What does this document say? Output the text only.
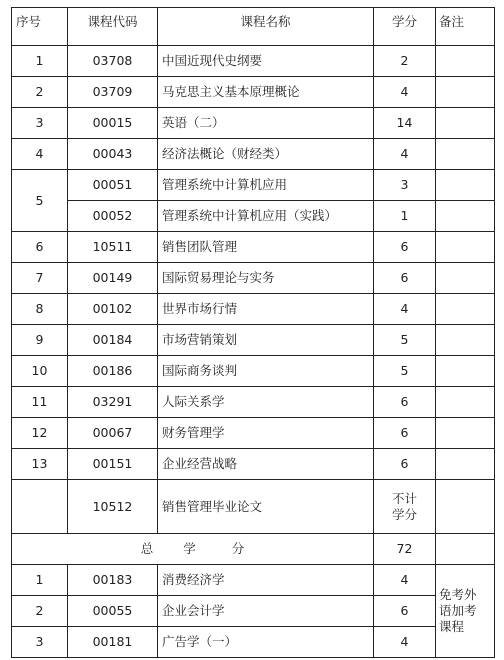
序号	课程代码	课程名称	学分	备注
1	03708	中国近现代史纲要	2	
2	03709	马克思主义基本原理概论	4	
3	00015	英语（二）	14	
4	00043	经济法概论（财经类）	4	
5	00051	管理系统中计算机应用	3	
	00052	管理系统中计算机应用（实践）	1	
6	10511	销售团队管理	6	
7	00149	国际贸易理论与实务	6	
8	00102	世界市场行情	4	
9	00184	市场营销策划	5	
10	00186	国际商务谈判	5	
11	03291	人际关系学	6	
12	00067	财务管理学	6	
13	00151	企业经营战略	6	
	10512	销售管理毕业论文	不计
学分	

总 学 分			72	
1	00183	消费经济学	4	免考外
语加考
课程

2	00055	企业会计学	6	
3	00181	广告学（一）	4	
